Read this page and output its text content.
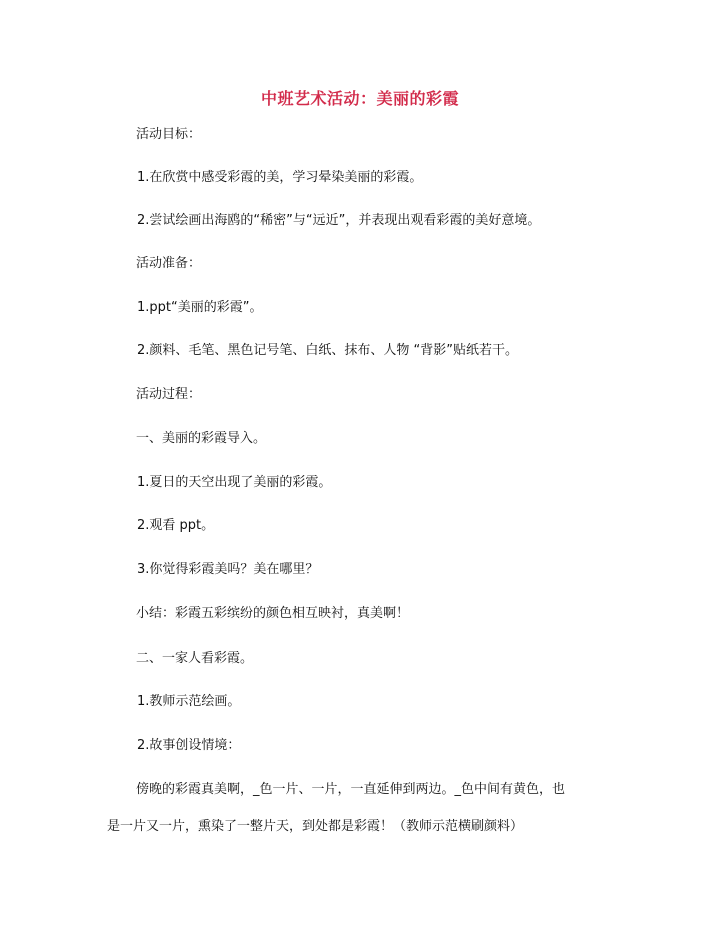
中班艺术活动：美丽的彩霞
活动目标：
1.在欣赏中感受彩霞的美，学习晕染美丽的彩霞。
2.尝试绘画出海鸥的“稀密”与“远近”，并表现出观看彩霞的美好意境。
活动准备：
1.ppt“美丽的彩霞”。
2.颜料、毛笔、黑色记号笔、白纸、抹布、人物 “背影”贴纸若干。
活动过程：
一、美丽的彩霞导入。
1.夏日的天空出现了美丽的彩霞。
2.观看 ppt。
3.你觉得彩霞美吗？美在哪里？
小结：彩霞五彩缤纷的颜色相互映衬，真美啊！
二、一家人看彩霞。
1.教师示范绘画。
2.故事创设情境：
傍晚的彩霞真美啊，_色一片、一片，一直延伸到两边。_色中间有黄色，也
是一片又一片，熏染了一整片天，到处都是彩霞！（教师示范横刷颜料）
